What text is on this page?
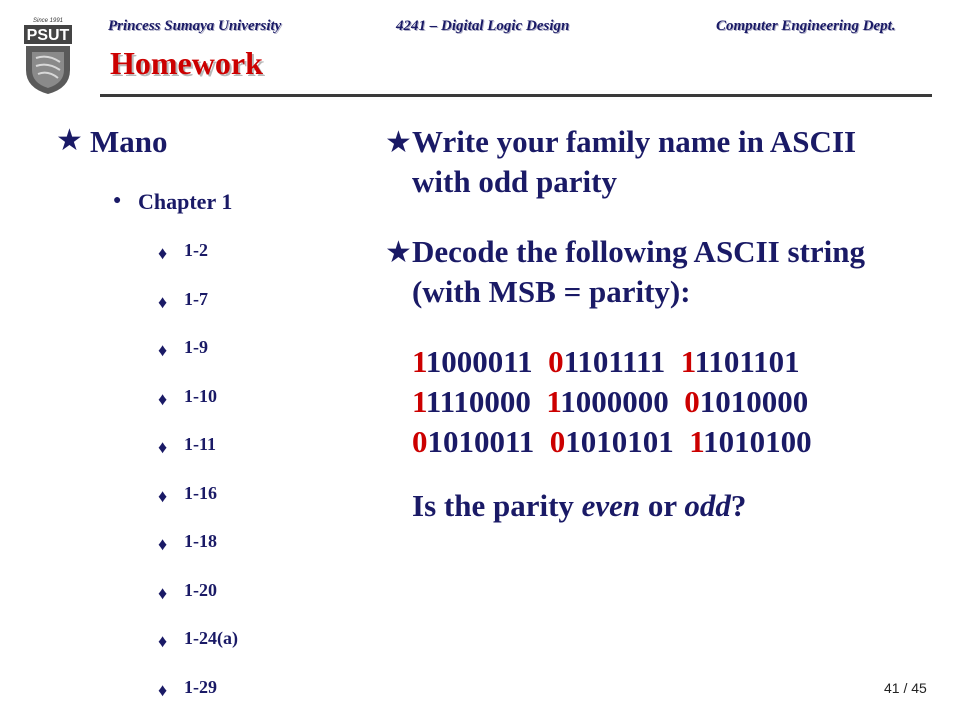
Since 1991
PSUT
Princess Sumaya University	4241 – Digital Logic Design	Computer Engineering Dept.
Homework
★ Mano
● Chapter 1
♦ 1-2
♦ 1-7
♦ 1-9
♦ 1-10
♦ 1-11
♦ 1-16
♦ 1-18
♦ 1-20
♦ 1-24(a)
♦ 1-29
★ Write your family name in ASCII with odd parity
★ Decode the following ASCII string (with MSB = parity):
11000011 01101111 11101101
11110000 11000000 01010000
01010011 01010101 11010100
Is the parity even or odd?
41 / 45
